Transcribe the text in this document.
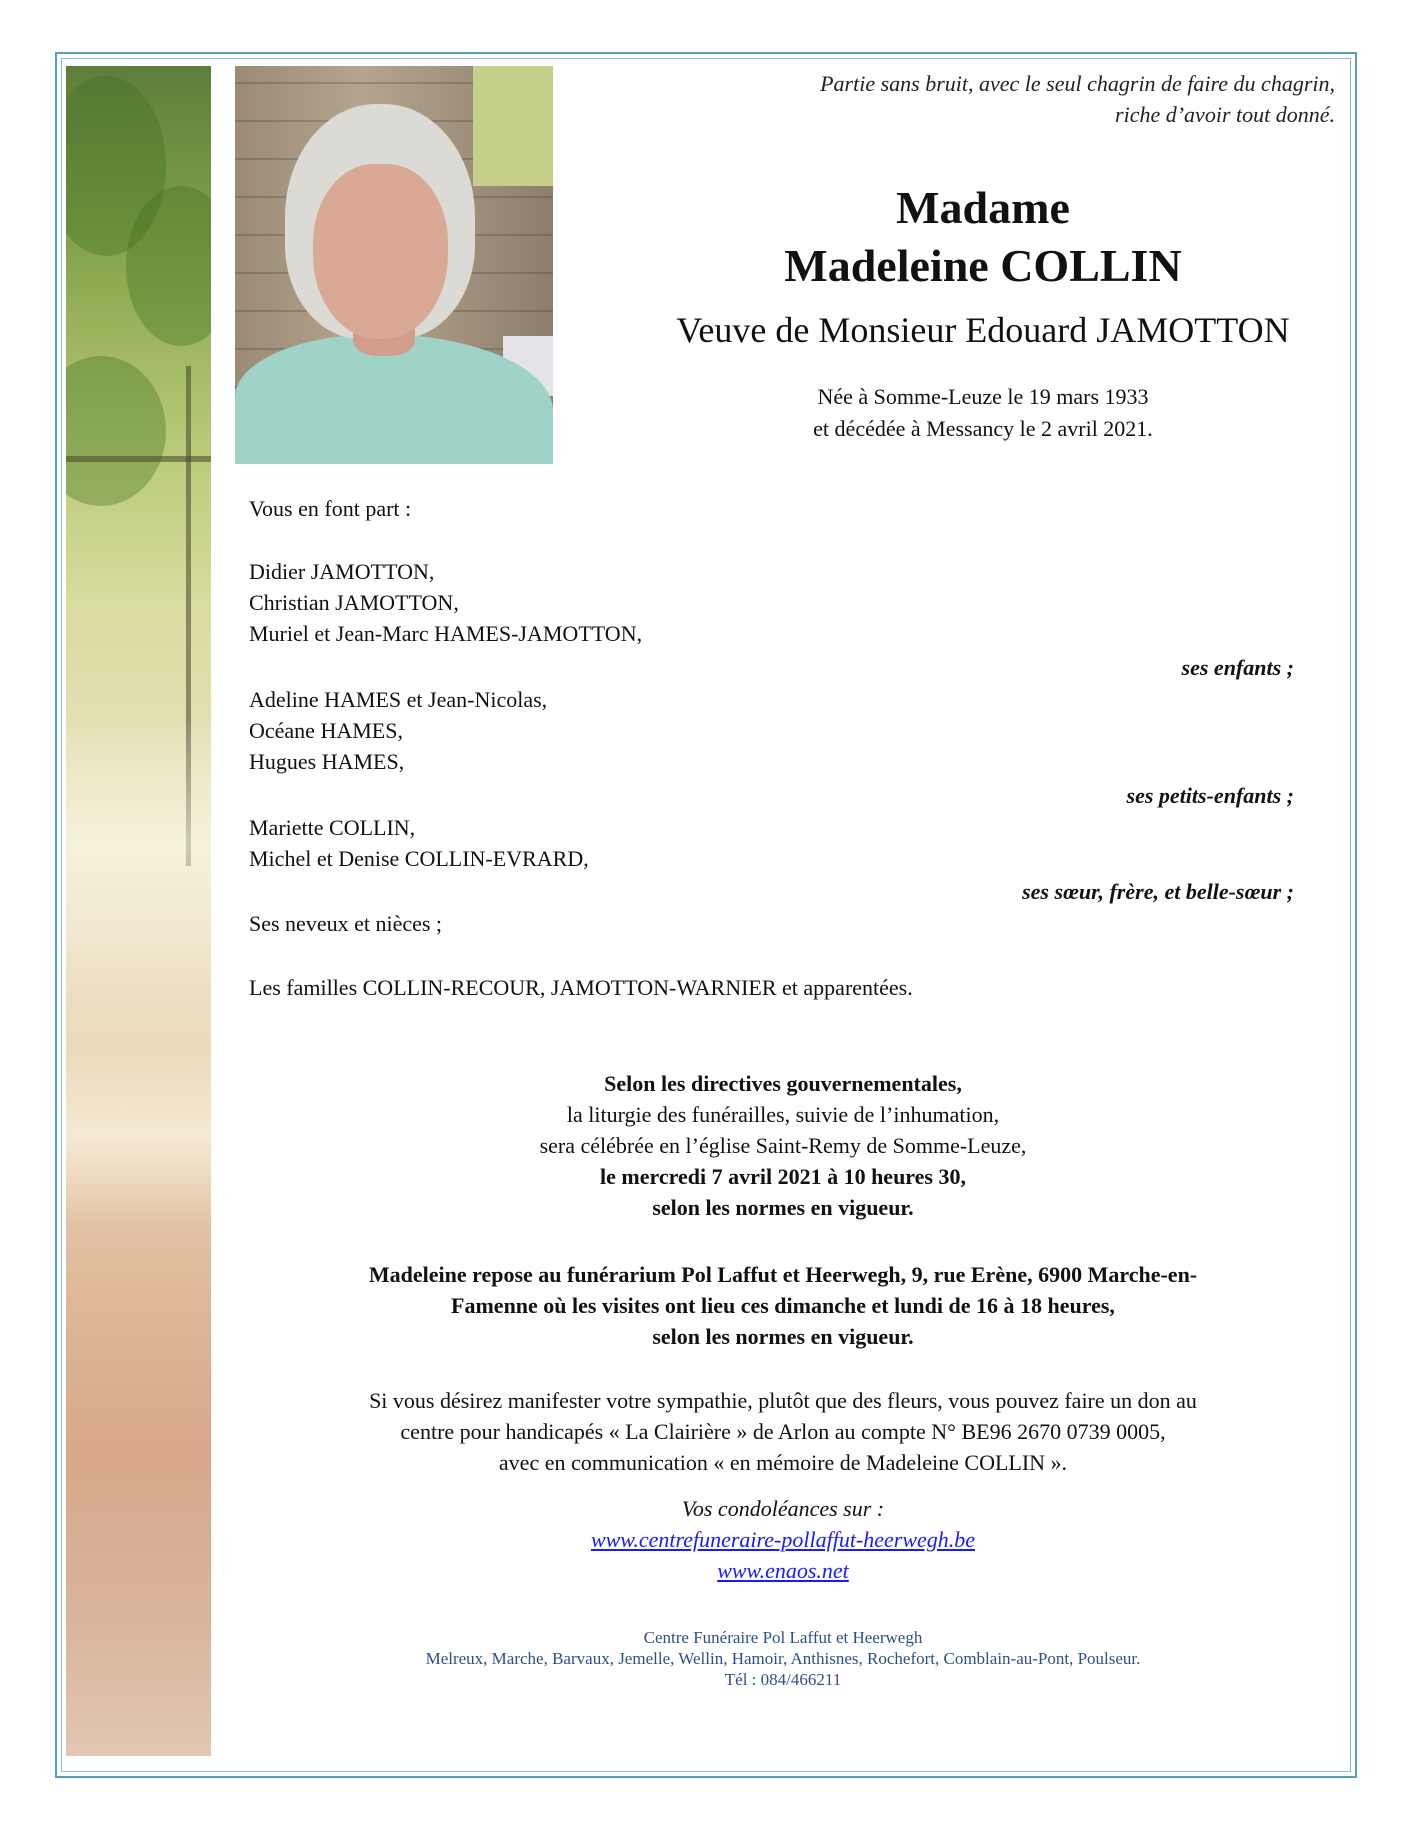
Partie sans bruit, avec le seul chagrin de faire du chagrin,
riche d’avoir tout donné.
Madame
Madeleine COLLIN
Veuve de Monsieur Edouard JAMOTTON
Née à Somme-Leuze le 19 mars 1933
et décédée à Messancy le 2 avril 2021.
Vous en font part :
Didier JAMOTTON,
Christian JAMOTTON,
Muriel et Jean-Marc HAMES-JAMOTTON,
ses enfants ;
Adeline HAMES et Jean-Nicolas,
Océane HAMES,
Hugues HAMES,
ses petits-enfants ;
Mariette COLLIN,
Michel et Denise COLLIN-EVRARD,
ses sœur, frère, et belle-sœur ;
Ses neveux et nièces ;
Les familles COLLIN-RECOUR, JAMOTTON-WARNIER et apparentées.
Selon les directives gouvernementales,
la liturgie des funérailles, suivie de l’inhumation,
sera célébrée en l’église Saint-Remy de Somme-Leuze,
le mercredi 7 avril 2021 à 10 heures 30,
selon les normes en vigueur.
Madeleine repose au funérarium Pol Laffut et Heerwegh, 9, rue Erène, 6900 Marche-en-
Famenne où les visites ont lieu ces dimanche et lundi de 16 à 18 heures,
selon les normes en vigueur.
Si vous désirez manifester votre sympathie, plutôt que des fleurs, vous pouvez faire un don au
centre pour handicapés « La Clairière » de Arlon au compte N° BE96 2670 0739 0005,
avec en communication « en mémoire de Madeleine COLLIN ».
Vos condoléances sur :
www.centrefuneraire-pollaffut-heerwegh.be
www.enaos.net
Centre Funéraire Pol Laffut et Heerwegh
Melreux, Marche, Barvaux, Jemelle, Wellin, Hamoir, Anthisnes, Rochefort, Comblain-au-Pont, Poulseur.
Tél : 084/466211
